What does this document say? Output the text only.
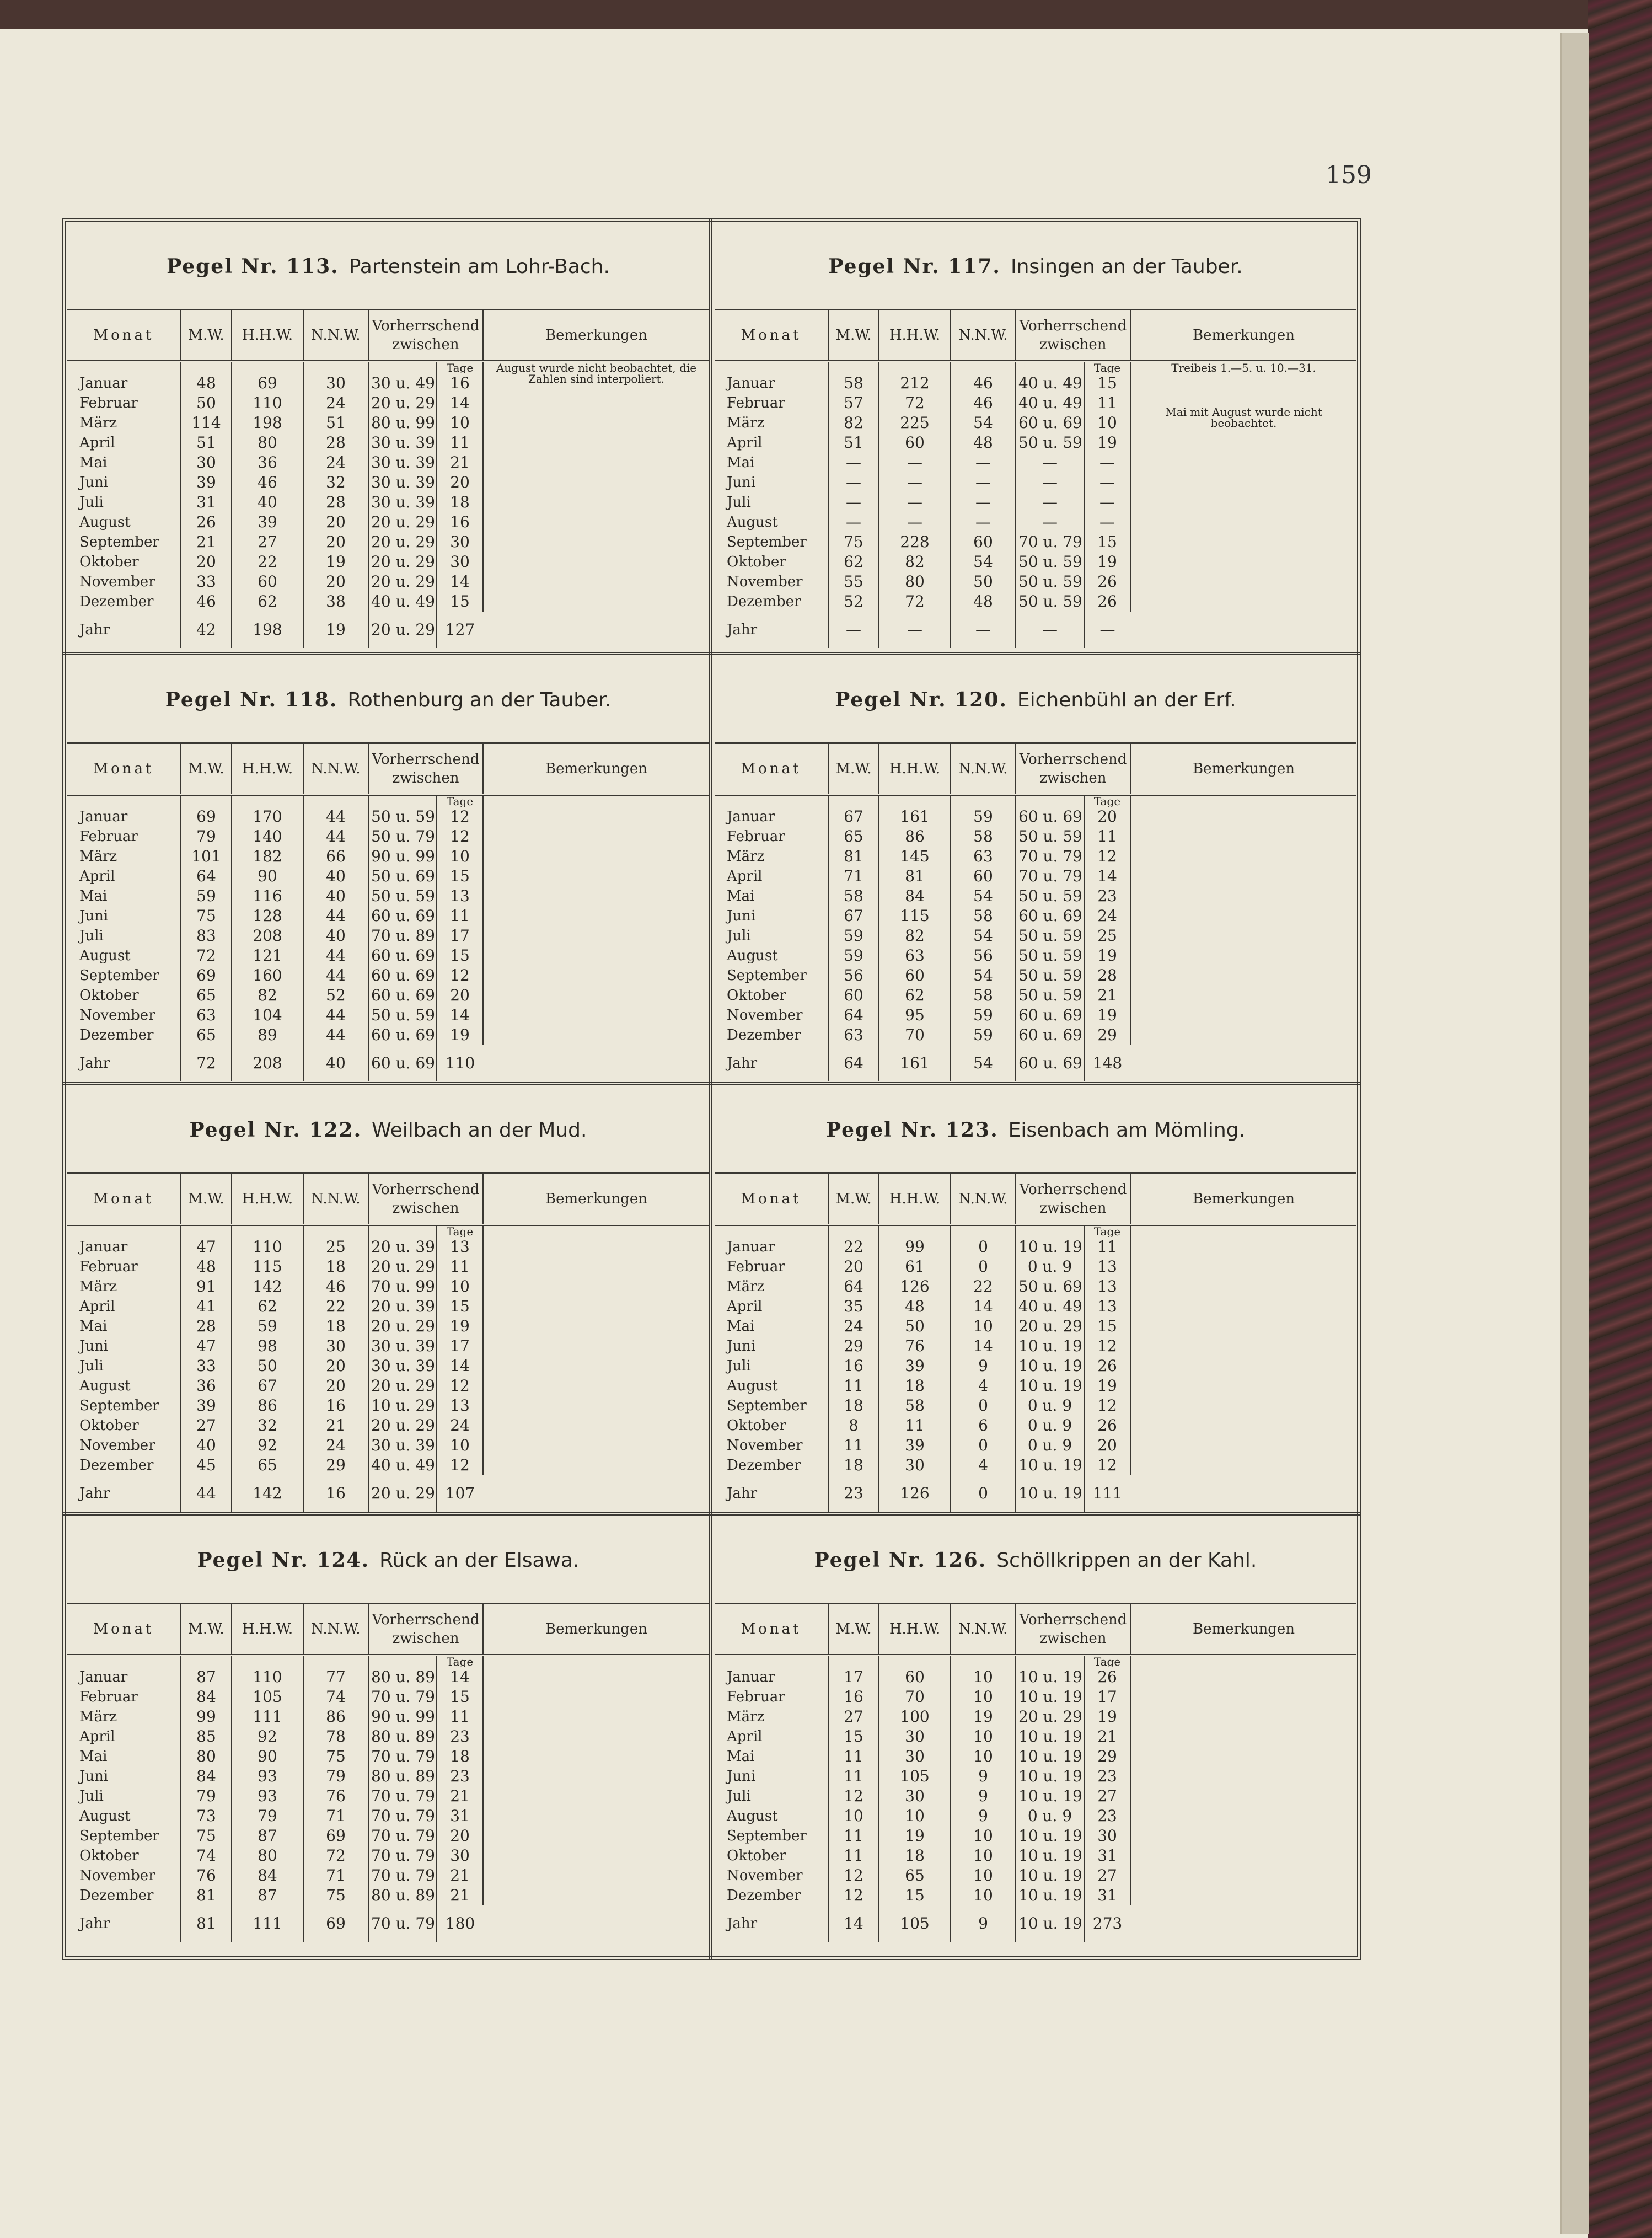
159
Pegel Nr. 113. Partenstein am Lohr-Bach.
Monat	M.W.	H.H.W.	N.N.W.	Vorherrschend zwischen		Bemerkungen
					Tage	August wurde nicht beobachtet, die Zahlen sind interpoliert.

Januar	48	69	30	30 u. 49	16	
Februar	50	110	24	20 u. 29	14	
März	114	198	51	80 u. 99	10	
April	51	80	28	30 u. 39	11	
Mai	30	36	24	30 u. 39	21	
Juni	39	46	32	30 u. 39	20	
Juli	31	40	28	30 u. 39	18	
August	26	39	20	20 u. 29	16	
September	21	27	20	20 u. 29	30	
Oktober	20	22	19	20 u. 29	30	
November	33	60	20	20 u. 29	14	
Dezember	46	62	38	40 u. 49	15	
Jahr	42	198	19	20 u. 29	127	
Pegel Nr. 117. Insingen an der Tauber.
Monat	M.W.	H.H.W.	N.N.W.	Vorherrschend zwischen		Bemerkungen
					Tage	Treibeis 1.—5. u. 10.—31.
Mai mit August wurde nicht beobachtet.

Januar	58	212	46	40 u. 49	15	
Februar	57	72	46	40 u. 49	11	
März	82	225	54	60 u. 69	10	
April	51	60	48	50 u. 59	19	
Mai	—	—	—	—	—	
Juni	—	—	—	—	—	
Juli	—	—	—	—	—	
August	—	—	—	—	—	
September	75	228	60	70 u. 79	15	
Oktober	62	82	54	50 u. 59	19	
November	55	80	50	50 u. 59	26	
Dezember	52	72	48	50 u. 59	26	
Jahr	—	—	—	—	—	
Pegel Nr. 118. Rothenburg an der Tauber.
Monat	M.W.	H.H.W.	N.N.W.	Vorherrschend zwischen		Bemerkungen
					Tage	

Januar	69	170	44	50 u. 59	12	
Februar	79	140	44	50 u. 79	12	
März	101	182	66	90 u. 99	10	
April	64	90	40	50 u. 69	15	
Mai	59	116	40	50 u. 59	13	
Juni	75	128	44	60 u. 69	11	
Juli	83	208	40	70 u. 89	17	
August	72	121	44	60 u. 69	15	
September	69	160	44	60 u. 69	12	
Oktober	65	82	52	60 u. 69	20	
November	63	104	44	50 u. 59	14	
Dezember	65	89	44	60 u. 69	19	
Jahr	72	208	40	60 u. 69	110	
Pegel Nr. 120. Eichenbühl an der Erf.
Monat	M.W.	H.H.W.	N.N.W.	Vorherrschend zwischen		Bemerkungen
					Tage	

Januar	67	161	59	60 u. 69	20	
Februar	65	86	58	50 u. 59	11	
März	81	145	63	70 u. 79	12	
April	71	81	60	70 u. 79	14	
Mai	58	84	54	50 u. 59	23	
Juni	67	115	58	60 u. 69	24	
Juli	59	82	54	50 u. 59	25	
August	59	63	56	50 u. 59	19	
September	56	60	54	50 u. 59	28	
Oktober	60	62	58	50 u. 59	21	
November	64	95	59	60 u. 69	19	
Dezember	63	70	59	60 u. 69	29	
Jahr	64	161	54	60 u. 69	148	
Pegel Nr. 122. Weilbach an der Mud.
Monat	M.W.	H.H.W.	N.N.W.	Vorherrschend zwischen		Bemerkungen
					Tage	

Januar	47	110	25	20 u. 39	13	
Februar	48	115	18	20 u. 29	11	
März	91	142	46	70 u. 99	10	
April	41	62	22	20 u. 39	15	
Mai	28	59	18	20 u. 29	19	
Juni	47	98	30	30 u. 39	17	
Juli	33	50	20	30 u. 39	14	
August	36	67	20	20 u. 29	12	
September	39	86	16	10 u. 29	13	
Oktober	27	32	21	20 u. 29	24	
November	40	92	24	30 u. 39	10	
Dezember	45	65	29	40 u. 49	12	
Jahr	44	142	16	20 u. 29	107	
Pegel Nr. 123. Eisenbach am Mömling.
Monat	M.W.	H.H.W.	N.N.W.	Vorherrschend zwischen		Bemerkungen
					Tage	

Januar	22	99	0	10 u. 19	11	
Februar	20	61	0	0 u. 9	13	
März	64	126	22	50 u. 69	13	
April	35	48	14	40 u. 49	13	
Mai	24	50	10	20 u. 29	15	
Juni	29	76	14	10 u. 19	12	
Juli	16	39	9	10 u. 19	26	
August	11	18	4	10 u. 19	19	
September	18	58	0	0 u. 9	12	
Oktober	8	11	6	0 u. 9	26	
November	11	39	0	0 u. 9	20	
Dezember	18	30	4	10 u. 19	12	
Jahr	23	126	0	10 u. 19	111	
Pegel Nr. 124. Rück an der Elsawa.
Monat	M.W.	H.H.W.	N.N.W.	Vorherrschend zwischen		Bemerkungen
					Tage	

Januar	87	110	77	80 u. 89	14	
Februar	84	105	74	70 u. 79	15	
März	99	111	86	90 u. 99	11	
April	85	92	78	80 u. 89	23	
Mai	80	90	75	70 u. 79	18	
Juni	84	93	79	80 u. 89	23	
Juli	79	93	76	70 u. 79	21	
August	73	79	71	70 u. 79	31	
September	75	87	69	70 u. 79	20	
Oktober	74	80	72	70 u. 79	30	
November	76	84	71	70 u. 79	21	
Dezember	81	87	75	80 u. 89	21	
Jahr	81	111	69	70 u. 79	180	
Pegel Nr. 126. Schöllkrippen an der Kahl.
Monat	M.W.	H.H.W.	N.N.W.	Vorherrschend zwischen		Bemerkungen
					Tage	

Januar	17	60	10	10 u. 19	26	
Februar	16	70	10	10 u. 19	17	
März	27	100	19	20 u. 29	19	
April	15	30	10	10 u. 19	21	
Mai	11	30	10	10 u. 19	29	
Juni	11	105	9	10 u. 19	23	
Juli	12	30	9	10 u. 19	27	
August	10	10	9	0 u. 9	23	
September	11	19	10	10 u. 19	30	
Oktober	11	18	10	10 u. 19	31	
November	12	65	10	10 u. 19	27	
Dezember	12	15	10	10 u. 19	31	
Jahr	14	105	9	10 u. 19	273	
